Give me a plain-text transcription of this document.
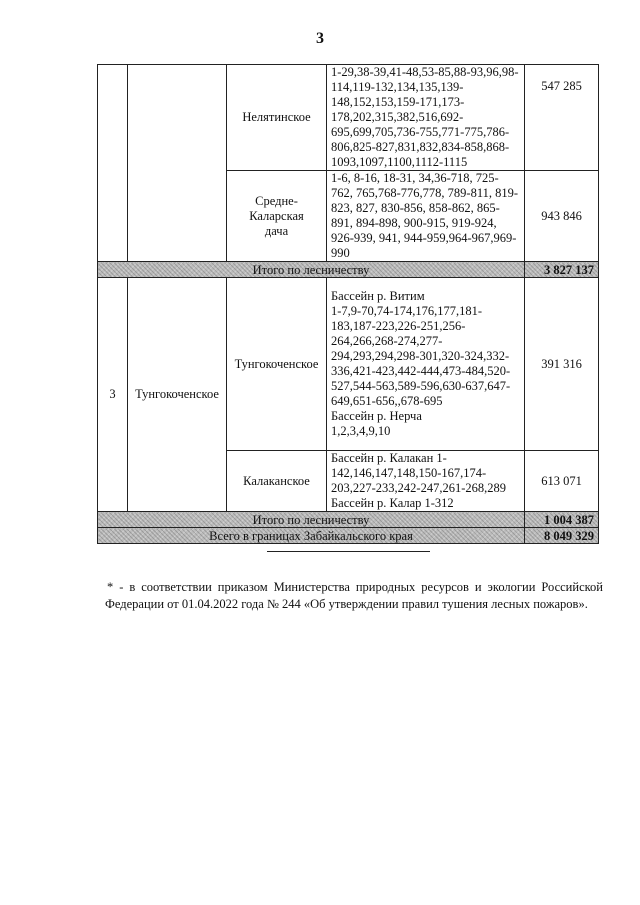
3
		Нелятинское	1-29,38-39,41-48,53-85,88-93,96,98-114,119-132,134,135,139-148,152,153,159-171,173-178,202,315,382,516,692-695,699,705,736-755,771-775,786-806,825-827,831,832,834-858,868-1093,1097,1100,1112-1115	547 285
		Средне-Каларская дача	1-6, 8-16, 18-31, 34,36-718, 725-762, 765,768-776,778, 789-811, 819-823, 827, 830-856, 858-862, 865-891, 894-898, 900-915, 919-924, 926-939, 941, 944-959,964-967,969-990	943 846
Итого по лесничеству				3 827 137
3	Тунгокоченское	Тунгокоченское	Бассейн р. Витим
1-7,9-70,74-174,176,177,181-183,187-223,226-251,256-264,266,268-274,277-294,293,294,298-301,320-324,332-336,421-423,442-444,473-484,520-527,544-563,589-596,630-637,647-649,651-656,,678-695
Бассейн р. Нерча
1,2,3,4,9,10	391 316
		Калаканское	Бассейн р. Калакан 1-142,146,147,148,150-167,174-203,227-233,242-247,261-268,289
Бассейн р. Калар 1-312	613 071
Итого по лесничеству				1 004 387
Всего в границах Забайкальского края				8 049 329
* - в соответствии приказом Министерства природных ресурсов и экологии Российской Федерации от 01.04.2022 года № 244 «Об утверждении правил тушения лесных пожаров».
